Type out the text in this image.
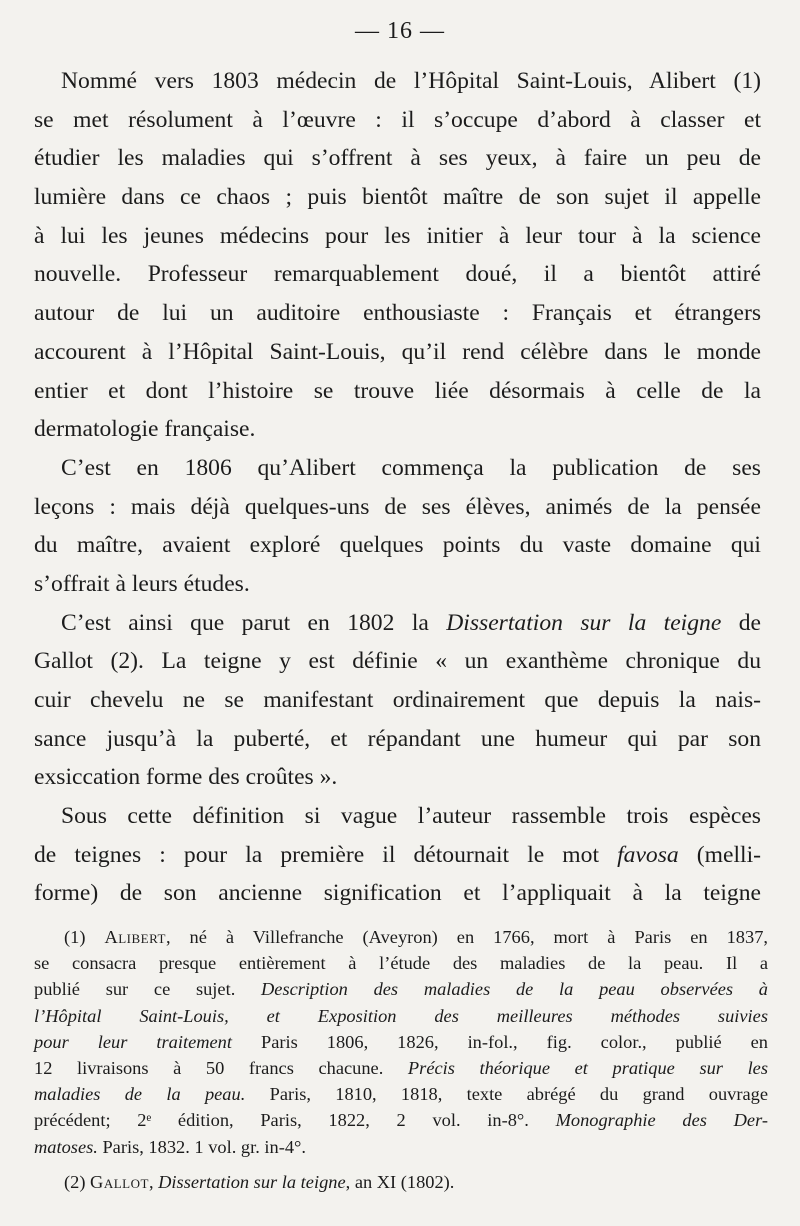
— 16 —
Nommé vers 1803 médecin de l’Hôpital Saint-Louis, Alibert (1)
se met résolument à l’œuvre : il s’occupe d’abord à classer et
étudier les maladies qui s’offrent à ses yeux, à faire un peu de
lumière dans ce chaos ; puis bientôt maître de son sujet il appelle
à lui les jeunes médecins pour les initier à leur tour à la science
nouvelle. Professeur remarquablement doué, il a bientôt attiré
autour de lui un auditoire enthousiaste : Français et étrangers
accourent à l’Hôpital Saint-Louis, qu’il rend célèbre dans le monde
entier et dont l’histoire se trouve liée désormais à celle de la
dermatologie française.
C’est en 1806 qu’Alibert commença la publication de ses
leçons : mais déjà quelques-uns de ses élèves, animés de la pensée
du maître, avaient exploré quelques points du vaste domaine qui
s’offrait à leurs études.
C’est ainsi que parut en 1802 la Dissertation sur la teigne de
Gallot (2). La teigne y est définie « un exanthème chronique du
cuir chevelu ne se manifestant ordinairement que depuis la nais-
sance jusqu’à la puberté, et répandant une humeur qui par son
exsiccation forme des croûtes ».
Sous cette définition si vague l’auteur rassemble trois espèces
de teignes : pour la première il détournait le mot favosa (melli-
forme) de son ancienne signification et l’appliquait à la teigne
(1) Alibert, né à Villefranche (Aveyron) en 1766, mort à Paris en 1837,
se consacra presque entièrement à l’étude des maladies de la peau. Il a
publié sur ce sujet. Description des maladies de la peau observées à
l’Hôpital Saint-Louis, et Exposition des meilleures méthodes suivies
pour leur traitement Paris 1806, 1826, in-fol., fig. color., publié en
12 livraisons à 50 francs chacune. Précis théorique et pratique sur les
maladies de la peau. Paris, 1810, 1818, texte abrégé du grand ouvrage
précédent; 2ᵉ édition, Paris, 1822, 2 vol. in-8°. Monographie des Der-
matoses. Paris, 1832. 1 vol. gr. in-4°.
(2) Gallot, Dissertation sur la teigne, an XI (1802).
